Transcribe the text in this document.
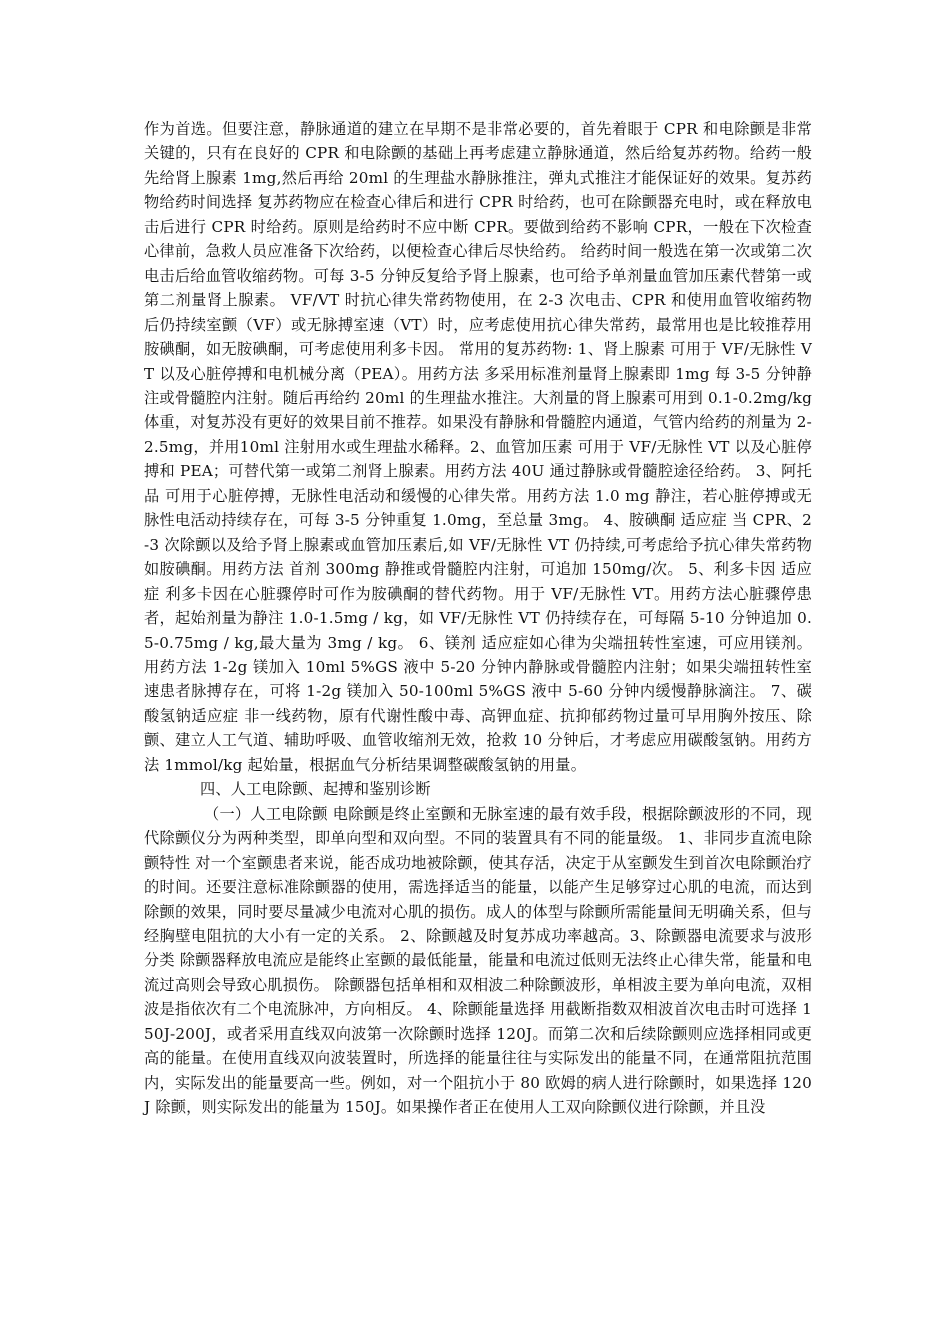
作为首选。但要注意，静脉通道的建立在早期不是非常必要的，首先着眼于 CPR 和电除颤是非常关键的，只有在良好的 CPR 和电除颤的基础上再考虑建立静脉通道，然后给复苏药物。给药一般先给肾上腺素 1mg,然后再给 20ml 的生理盐水静脉推注，弹丸式推注才能保证好的效果。复苏药物给药时间选择 复苏药物应在检查心律后和进行 CPR 时给药，也可在除颤器充电时，或在释放电击后进行 CPR 时给药。原则是给药时不应中断 CPR。要做到给药不影响 CPR，一般在下次检查心律前，急救人员应准备下次给药，以便检查心律后尽快给药。 给药时间一般选在第一次或第二次电击后给血管收缩药物。可每 3-5 分钟反复给予肾上腺素，也可给予单剂量血管加压素代替第一或第二剂量肾上腺素。 VF/VT 时抗心律失常药物使用，在 2-3 次电击、CPR 和使用血管收缩药物后仍持续室颤（VF）或无脉搏室速（VT）时，应考虑使用抗心律失常药，最常用也是比较推荐用胺碘酮，如无胺碘酮，可考虑使用利多卡因。 常用的复苏药物: 1、肾上腺素 可用于 VF/无脉性 VT 以及心脏停搏和电机械分离（PEA）。用药方法 多采用标准剂量肾上腺素即 1mg 每 3-5 分钟静注或骨髓腔内注射。随后再给约 20ml 的生理盐水推注。大剂量的肾上腺素可用到 0.1-0.2mg/kg 体重，对复苏没有更好的效果目前不推荐。如果没有静脉和骨髓腔内通道，气管内给药的剂量为 2-2.5mg，并用10ml 注射用水或生理盐水稀释。2、血管加压素 可用于 VF/无脉性 VT 以及心脏停搏和 PEA；可替代第一或第二剂肾上腺素。用药方法 40U 通过静脉或骨髓腔途径给药。 3、阿托品 可用于心脏停搏，无脉性电活动和缓慢的心律失常。用药方法 1.0 mg 静注，若心脏停搏或无脉性电活动持续存在，可每 3-5 分钟重复 1.0mg，至总量 3mg。 4、胺碘酮 适应症 当 CPR、2-3 次除颤以及给予肾上腺素或血管加压素后,如 VF/无脉性 VT 仍持续,可考虑给予抗心律失常药物如胺碘酮。用药方法 首剂 300mg 静推或骨髓腔内注射，可追加 150mg/次。 5、利多卡因 适应症 利多卡因在心脏骤停时可作为胺碘酮的替代药物。用于 VF/无脉性 VT。用药方法心脏骤停患者，起始剂量为静注 1.0-1.5mg / kg，如 VF/无脉性 VT 仍持续存在，可每隔 5-10 分钟追加 0.5-0.75mg / kg,最大量为 3mg / kg。 6、镁剂 适应症如心律为尖端扭转性室速，可应用镁剂。用药方法 1-2g 镁加入 10ml 5%GS 液中 5-20 分钟内静脉或骨髓腔内注射；如果尖端扭转性室速患者脉搏存在，可将 1-2g 镁加入 50-100ml 5%GS 液中 5-60 分钟内缓慢静脉滴注。 7、碳酸氢钠适应症 非一线药物，原有代谢性酸中毒、高钾血症、抗抑郁药物过量可早用胸外按压、除颤、建立人工气道、辅助呼吸、血管收缩剂无效，抢救 10 分钟后，才考虑应用碳酸氢钠。用药方法 1mmol/kg 起始量，根据血气分析结果调整碳酸氢钠的用量。

四、人工电除颤、起搏和鉴别诊断

（一）人工电除颤 电除颤是终止室颤和无脉室速的最有效手段，根据除颤波形的不同，现代除颤仪分为两种类型，即单向型和双向型。不同的装置具有不同的能量级。 1、非同步直流电除颤特性 对一个室颤患者来说，能否成功地被除颤，使其存活，决定于从室颤发生到首次电除颤治疗的时间。还要注意标准除颤器的使用，需选择适当的能量，以能产生足够穿过心肌的电流，而达到除颤的效果，同时要尽量减少电流对心肌的损伤。成人的体型与除颤所需能量间无明确关系，但与经胸壁电阻抗的大小有一定的关系。 2、除颤越及时复苏成功率越高。3、除颤器电流要求与波形分类 除颤器释放电流应是能终止室颤的最低能量，能量和电流过低则无法终止心律失常，能量和电流过高则会导致心肌损伤。 除颤器包括单相和双相波二种除颤波形，单相波主要为单向电流，双相波是指依次有二个电流脉冲，方向相反。 4、除颤能量选择 用截断指数双相波首次电击时可选择 150J-200J，或者采用直线双向波第一次除颤时选择 120J。而第二次和后续除颤则应选择相同或更高的能量。在使用直线双向波装置时，所选择的能量往往与实际发出的能量不同，在通常阻抗范围内，实际发出的能量要高一些。例如，对一个阻抗小于 80 欧姆的病人进行除颤时，如果选择 120J 除颤，则实际发出的能量为 150J。如果操作者正在使用人工双向除颤仪进行除颤，并且没
